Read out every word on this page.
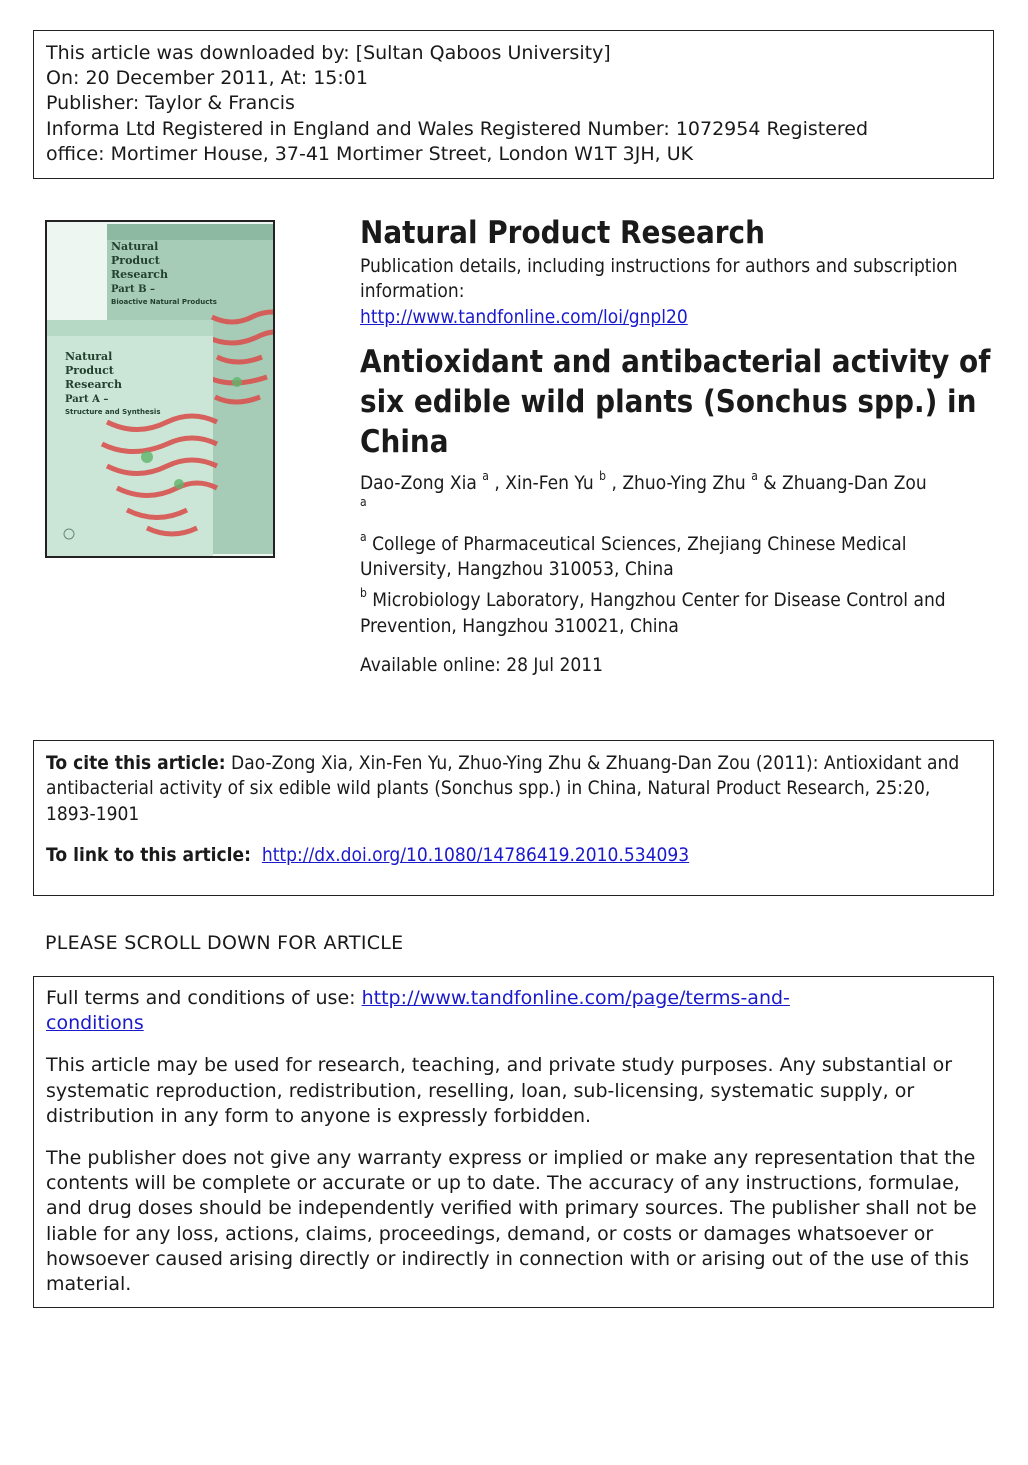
This article was downloaded by: [Sultan Qaboos University]
On: 20 December 2011, At: 15:01
Publisher: Taylor & Francis
Informa Ltd Registered in England and Wales Registered Number: 1072954 Registered
office: Mortimer House, 37-41 Mortimer Street, London W1T 3JH, UK
Natural
Product
Research
Part B –
Bioactive Natural Products
Natural
Product
Research
Part A –
Structure and Synthesis
Natural Product Research
Publication details, including instructions for authors and subscription information:
http://www.tandfonline.com/loi/gnpl20
Antioxidant and antibacterial activity of six edible wild plants (Sonchus spp.) in China
Dao-Zong Xia $^a$ , Xin-Fen Yu $^b$ , Zhuo-Ying Zhu $^a$ & Zhuang-Dan Zou
$^a$
$^a$ College of Pharmaceutical Sciences, Zhejiang Chinese Medical University, Hangzhou 310053, China
$^b$ Microbiology Laboratory, Hangzhou Center for Disease Control and Prevention, Hangzhou 310021, China
Available online: 28 Jul 2011
To cite this article: Dao-Zong Xia, Xin-Fen Yu, Zhuo-Ying Zhu & Zhuang-Dan Zou (2011): Antioxidant and antibacterial activity of six edible wild plants (Sonchus spp.) in China, Natural Product Research, 25:20, 1893-1901
To link to this article: http://dx.doi.org/10.1080/14786419.2010.534093
PLEASE SCROLL DOWN FOR ARTICLE

Full terms and conditions of use: http://www.tandfonline.com/page/terms-and-
conditions

This article may be used for research, teaching, and private study purposes. Any substantial or systematic reproduction, redistribution, reselling, loan, sub-licensing, systematic supply, or distribution in any form to anyone is expressly forbidden.

The publisher does not give any warranty express or implied or make any representation that the contents will be complete or accurate or up to date. The accuracy of any instructions, formulae, and drug doses should be independently verified with primary sources. The publisher shall not be liable for any loss, actions, claims, proceedings, demand, or costs or damages whatsoever or howsoever caused arising directly or indirectly in connection with or arising out of the use of this material.
